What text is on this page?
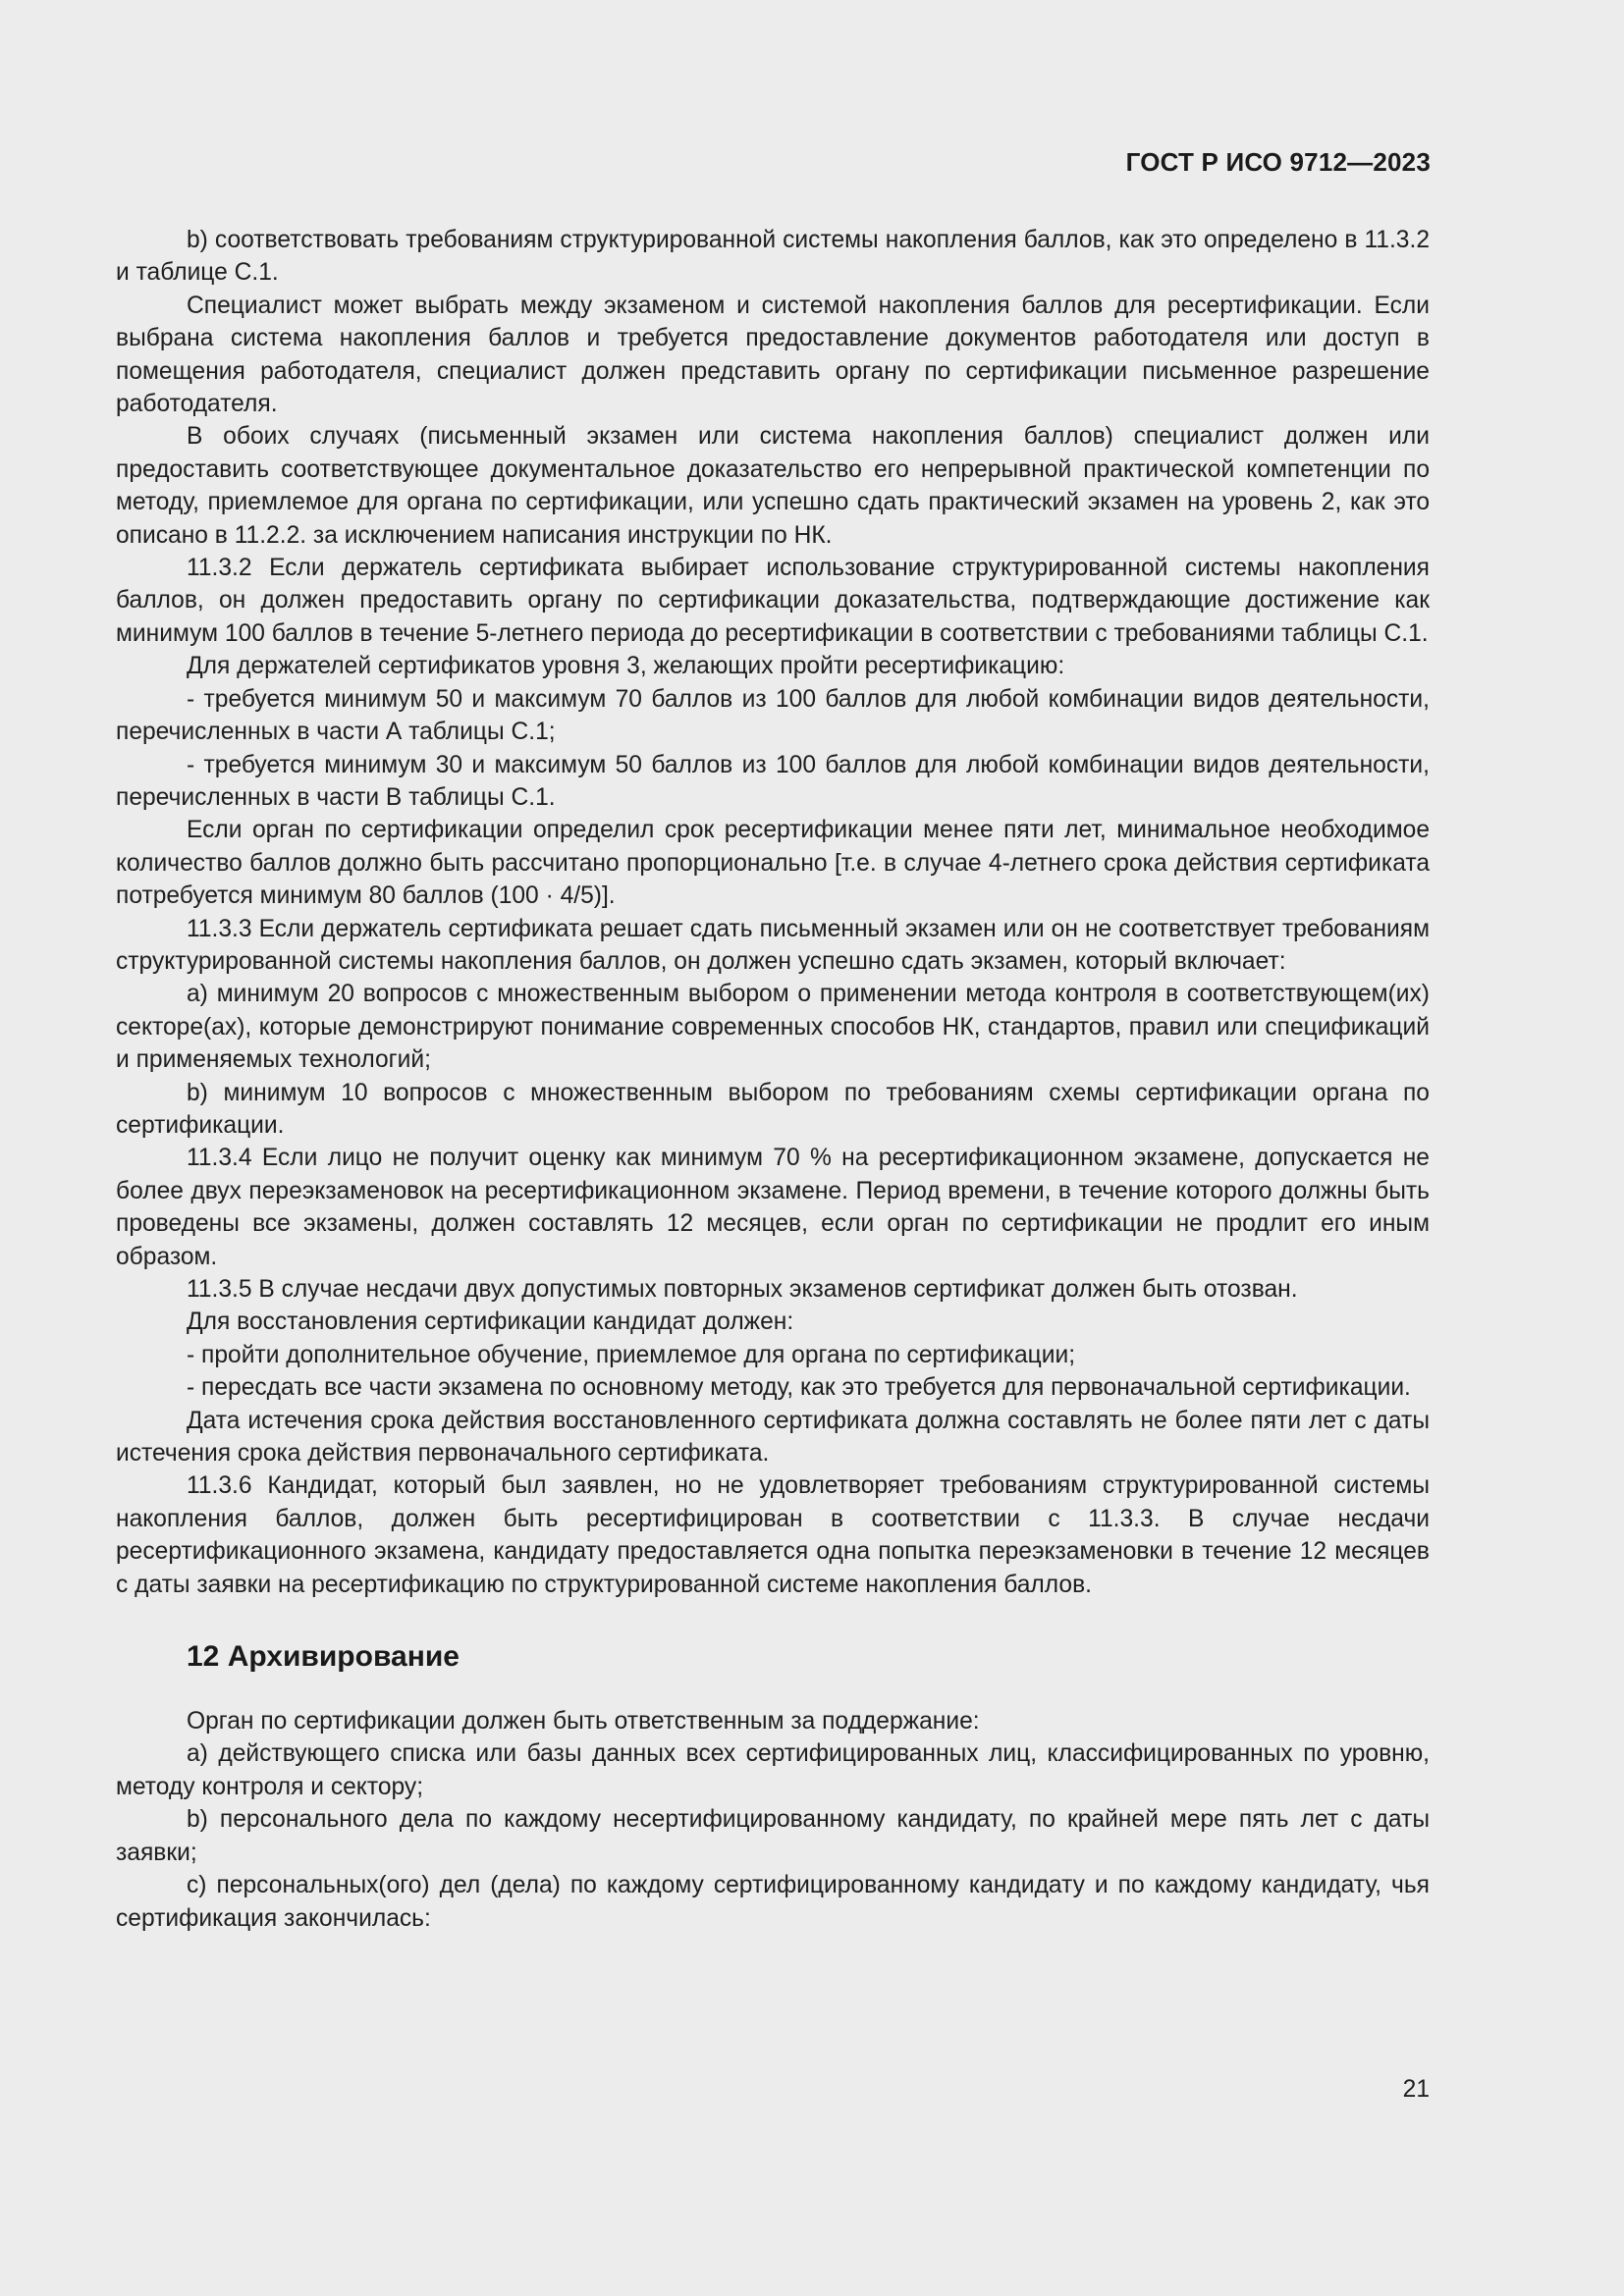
ГОСТ Р ИСО 9712—2023

b) соответствовать требованиям структурированной системы накопления баллов, как это определено в 11.3.2 и таблице С.1.

Специалист может выбрать между экзаменом и системой накопления баллов для ресертификации. Если выбрана система накопления баллов и требуется предоставление документов работодателя или доступ в помещения работодателя, специалист должен представить органу по сертификации письменное разрешение работодателя.

В обоих случаях (письменный экзамен или система накопления баллов) специалист должен или предоставить соответствующее документальное доказательство его непрерывной практической компетенции по методу, приемлемое для органа по сертификации, или успешно сдать практический экзамен на уровень 2, как это описано в 11.2.2. за исключением написания инструкции по НК.

11.3.2 Если держатель сертификата выбирает использование структурированной системы накопления баллов, он должен предоставить органу по сертификации доказательства, подтверждающие достижение как минимум 100 баллов в течение 5-летнего периода до ресертификации в соответствии с требованиями таблицы С.1.

Для держателей сертификатов уровня 3, желающих пройти ресертификацию:

- требуется минимум 50 и максимум 70 баллов из 100 баллов для любой комбинации видов деятельности, перечисленных в части А таблицы С.1;

- требуется минимум 30 и максимум 50 баллов из 100 баллов для любой комбинации видов деятельности, перечисленных в части В таблицы С.1.

Если орган по сертификации определил срок ресертификации менее пяти лет, минимальное необходимое количество баллов должно быть рассчитано пропорционально [т.е. в случае 4-летнего срока действия сертификата потребуется минимум 80 баллов (100 · 4/5)].

11.3.3 Если держатель сертификата решает сдать письменный экзамен или он не соответствует требованиям структурированной системы накопления баллов, он должен успешно сдать экзамен, который включает:

a) минимум 20 вопросов с множественным выбором о применении метода контроля в соответствующем(их) секторе(ах), которые демонстрируют понимание современных способов НК, стандартов, правил или спецификаций и применяемых технологий;

b) минимум 10 вопросов с множественным выбором по требованиям схемы сертификации органа по сертификации.

11.3.4 Если лицо не получит оценку как минимум 70 % на ресертификационном экзамене, допускается не более двух переэкзаменовок на ресертификационном экзамене. Период времени, в течение которого должны быть проведены все экзамены, должен составлять 12 месяцев, если орган по сертификации не продлит его иным образом.

11.3.5 В случае несдачи двух допустимых повторных экзаменов сертификат должен быть отозван.

Для восстановления сертификации кандидат должен:

- пройти дополнительное обучение, приемлемое для органа по сертификации;

- пересдать все части экзамена по основному методу, как это требуется для первоначальной сертификации.

Дата истечения срока действия восстановленного сертификата должна составлять не более пяти лет с даты истечения срока действия первоначального сертификата.

11.3.6 Кандидат, который был заявлен, но не удовлетворяет требованиям структурированной системы накопления баллов, должен быть ресертифицирован в соответствии с 11.3.3. В случае несдачи ресертификационного экзамена, кандидату предоставляется одна попытка переэкзаменовки в течение 12 месяцев с даты заявки на ресертификацию по структурированной системе накопления баллов.

12 Архивирование

Орган по сертификации должен быть ответственным за поддержание:

a) действующего списка или базы данных всех сертифицированных лиц, классифицированных по уровню, методу контроля и сектору;

b) персонального дела по каждому несертифицированному кандидату, по крайней мере пять лет с даты заявки;

c) персональных(ого) дел (дела) по каждому сертифицированному кандидату и по каждому кандидату, чья сертификация закончилась:

21
